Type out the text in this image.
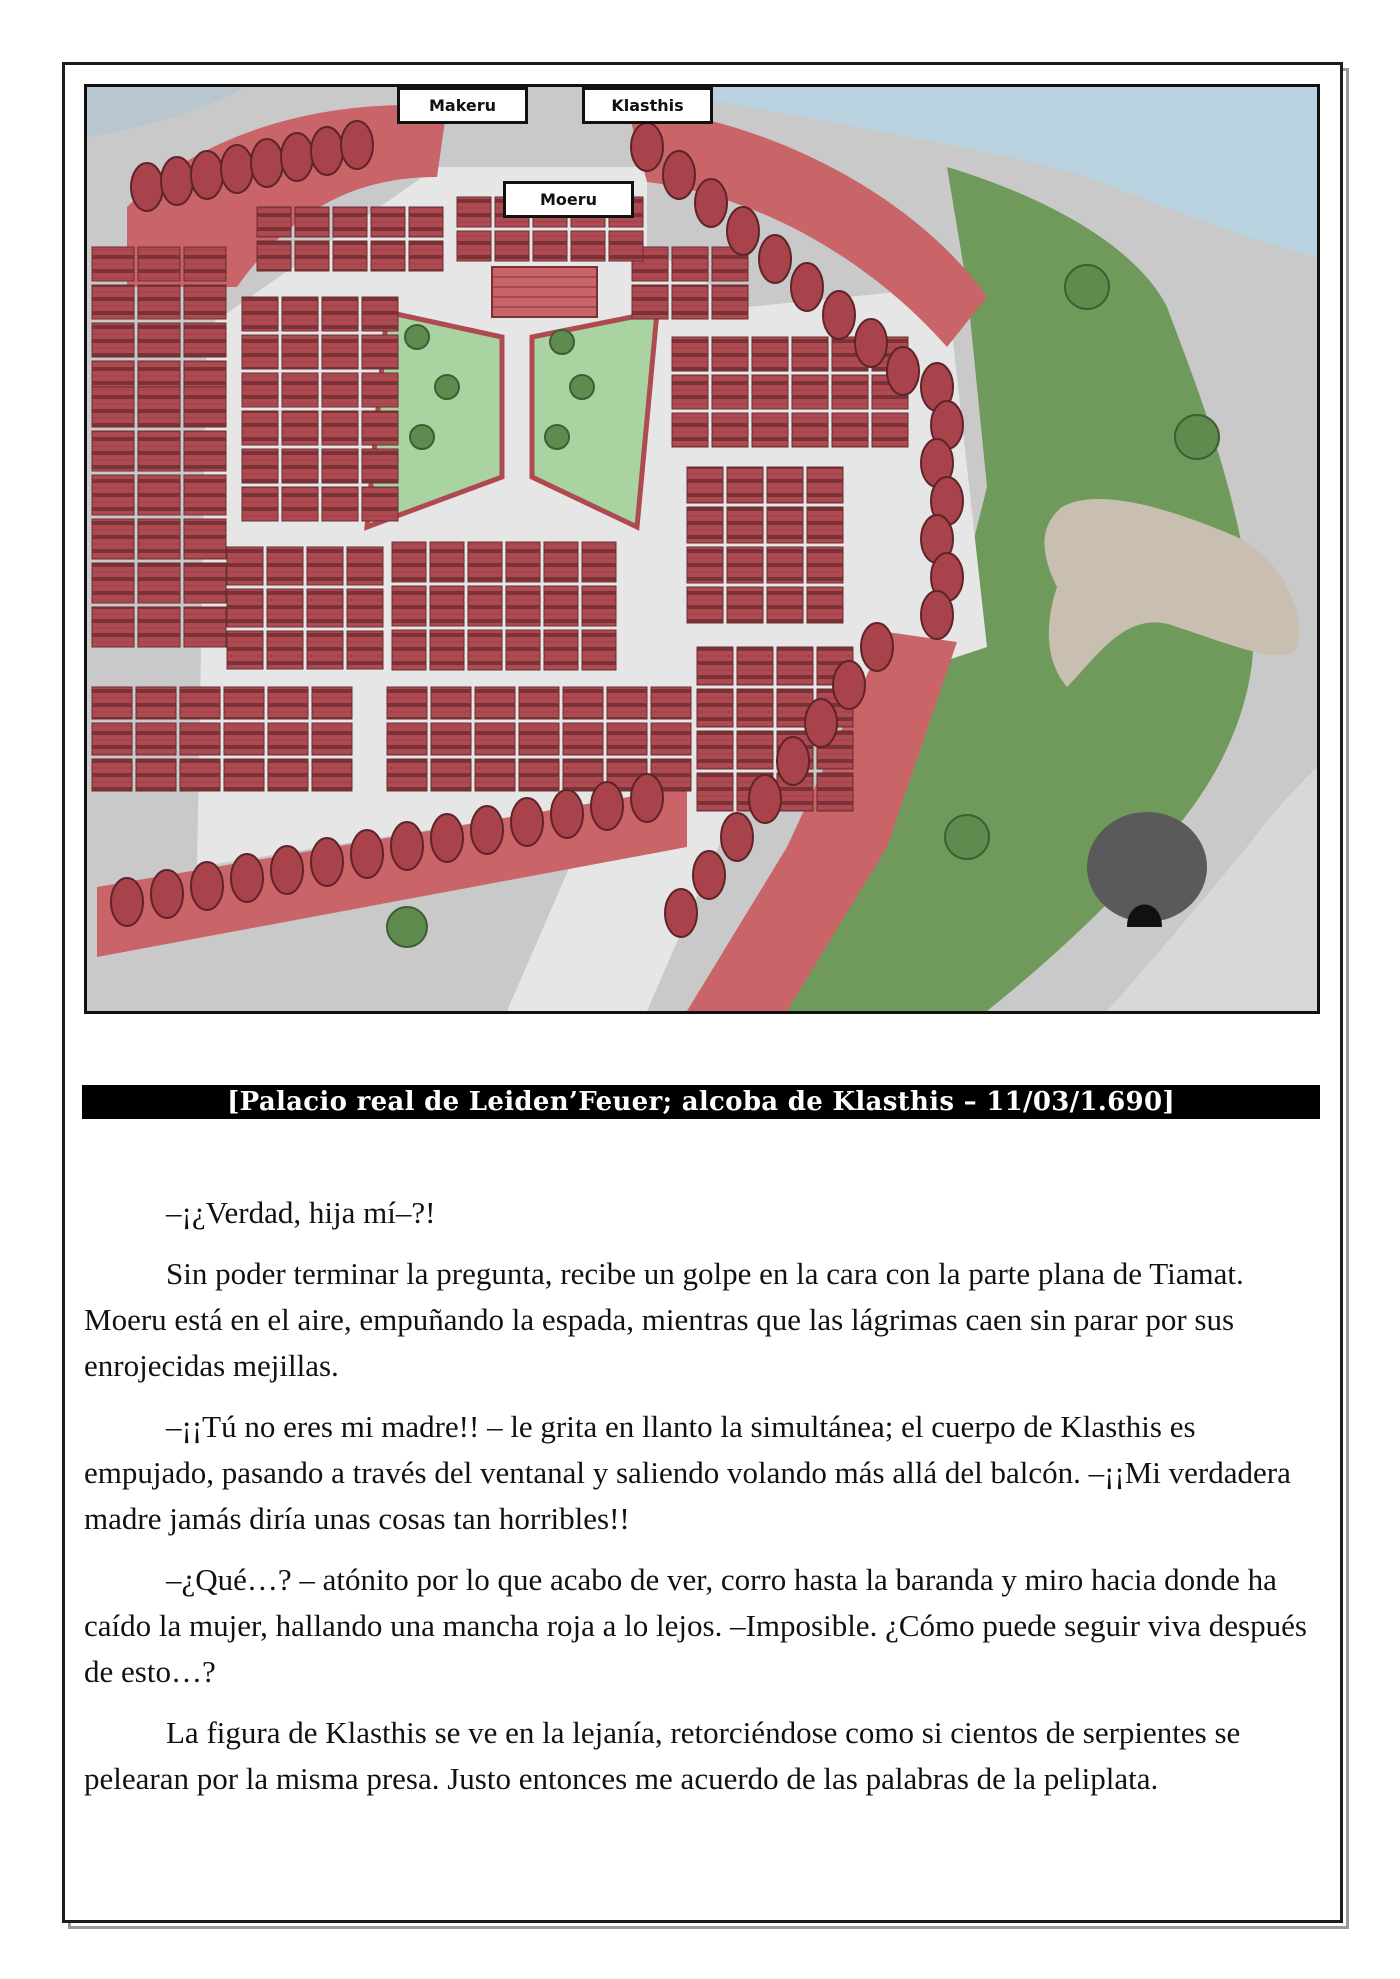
Makeru	Klasthis
Moeru
[Palacio real de Leiden’Feuer; alcoba de Klasthis – 11/03/1.690]

–¡¿Verdad, hija mí–?!

Sin poder terminar la pregunta, recibe un golpe en la cara con la parte plana de Tiamat. Moeru está en el aire, empuñando la espada, mientras que las lágrimas caen sin parar por sus enrojecidas mejillas.

–¡¡Tú no eres mi madre!! – le grita en llanto la simultánea; el cuerpo de Klasthis es empujado, pasando a través del ventanal y saliendo volando más allá del balcón. –¡¡Mi verdadera madre jamás diría unas cosas tan horribles!!

–¿Qué…? – atónito por lo que acabo de ver, corro hasta la baranda y miro hacia donde ha caído la mujer, hallando una mancha roja a lo lejos. –Imposible. ¿Cómo puede seguir viva después de esto…?

La figura de Klasthis se ve en la lejanía, retorciéndose como si cientos de serpientes se pelearan por la misma presa. Justo entonces me acuerdo de las palabras de la peliplata.
